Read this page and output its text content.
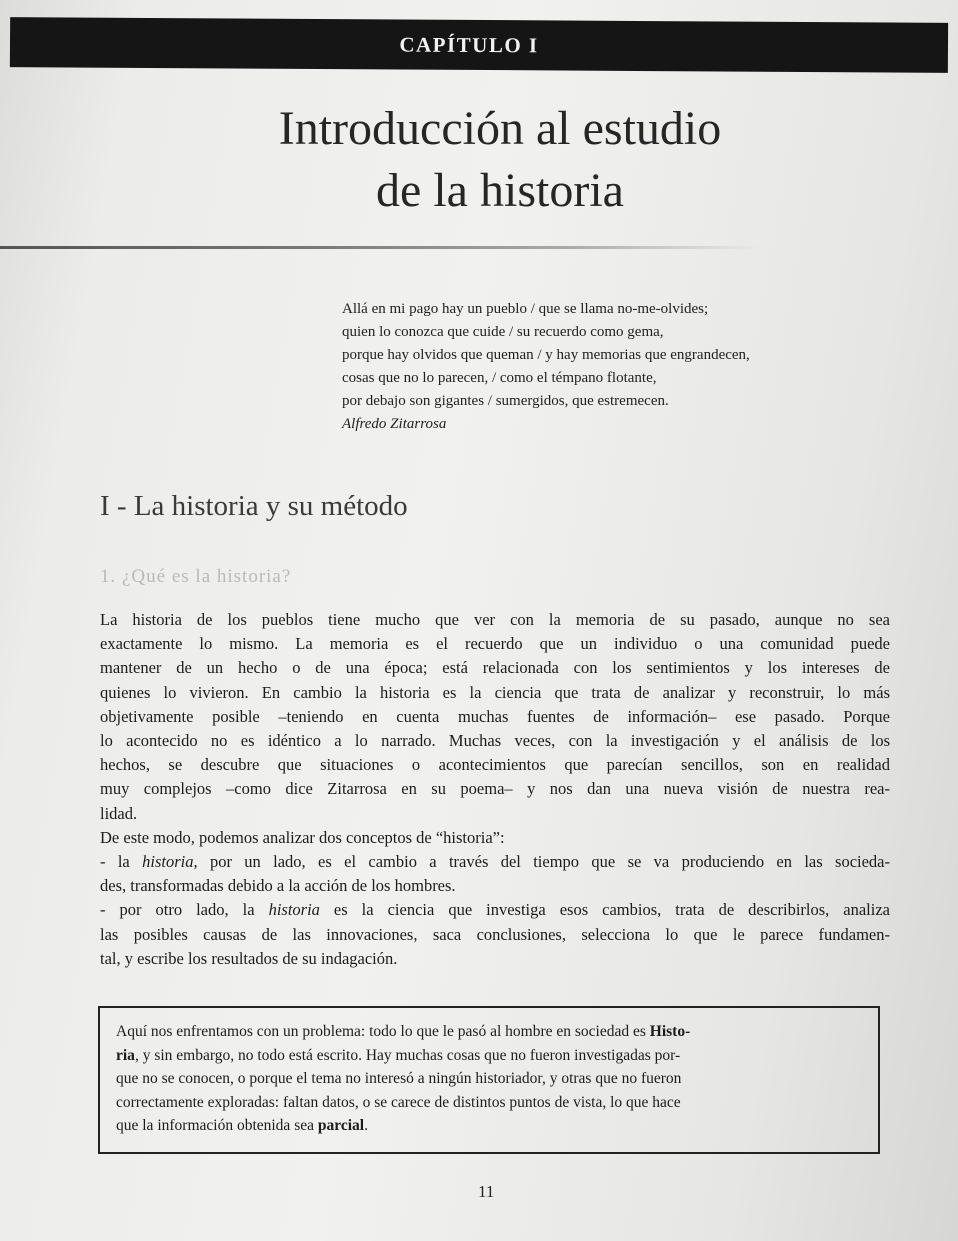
CAPÍTULO I
Introducción al estudio
de la historia
Allá en mi pago hay un pueblo / que se llama no-me-olvides;
quien lo conozca que cuide / su recuerdo como gema,
porque hay olvidos que queman / y hay memorias que engrandecen,
cosas que no lo parecen, / como el témpano flotante,
por debajo son gigantes / sumergidos, que estremecen.
Alfredo Zitarrosa
I - La historia y su método
1. ¿Qué es la historia?
La historia de los pueblos tiene mucho que ver con la memoria de su pasado, aunque no sea
exactamente lo mismo. La memoria es el recuerdo que un individuo o una comunidad puede
mantener de un hecho o de una época; está relacionada con los sentimientos y los intereses de
quienes lo vivieron. En cambio la historia es la ciencia que trata de analizar y reconstruir, lo más
objetivamente posible –teniendo en cuenta muchas fuentes de información– ese pasado. Porque
lo acontecido no es idéntico a lo narrado. Muchas veces, con la investigación y el análisis de los
hechos, se descubre que situaciones o acontecimientos que parecían sencillos, son en realidad
muy complejos –como dice Zitarrosa en su poema– y nos dan una nueva visión de nuestra rea-
lidad.
De este modo, podemos analizar dos conceptos de “historia”:
- la historia, por un lado, es el cambio a través del tiempo que se va produciendo en las socieda-
des, transformadas debido a la acción de los hombres.
- por otro lado, la historia es la ciencia que investiga esos cambios, trata de describirlos, analiza
las posibles causas de las innovaciones, saca conclusiones, selecciona lo que le parece fundamen-
tal, y escribe los resultados de su indagación.
Aquí nos enfrentamos con un problema: todo lo que le pasó al hombre en sociedad es Histo-
ria, y sin embargo, no todo está escrito. Hay muchas cosas que no fueron investigadas por-
que no se conocen, o porque el tema no interesó a ningún historiador, y otras que no fueron
correctamente exploradas: faltan datos, o se carece de distintos puntos de vista, lo que hace
que la información obtenida sea parcial.
11
